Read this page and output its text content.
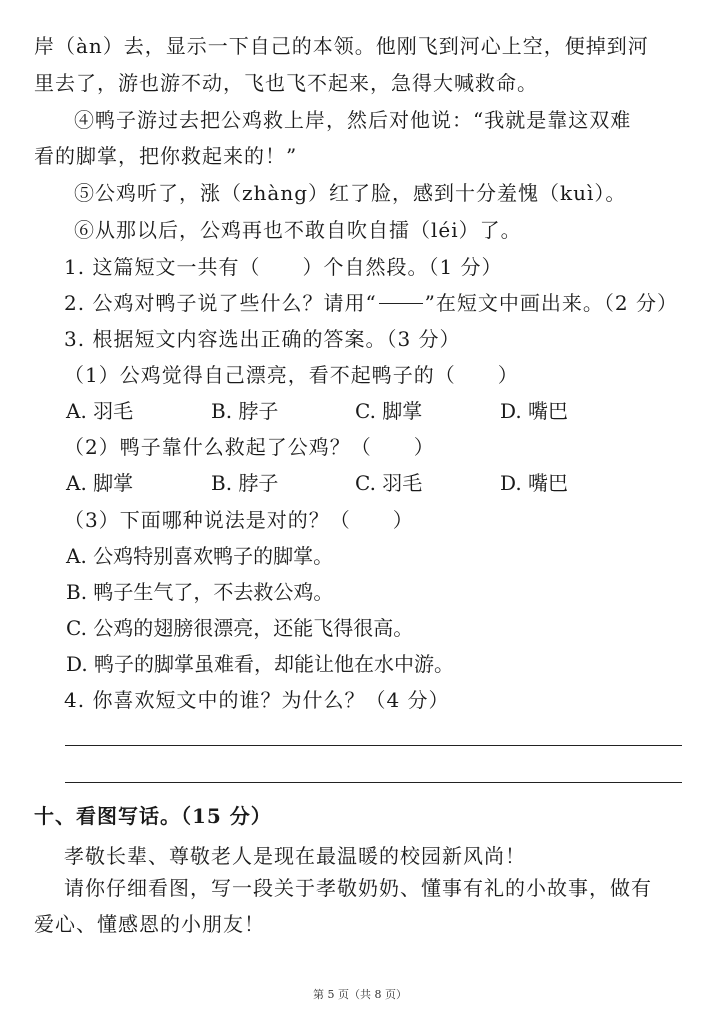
岸（àn）去，显示一下自己的本领。他刚飞到河心上空，便掉到河
里去了，游也游不动，飞也飞不起来，急得大喊救命。
④鸭子游过去把公鸡救上岸，然后对他说：“我就是靠这双难
看的脚掌，把你救起来的！”
⑤公鸡听了，涨（zhàng）红了脸，感到十分羞愧（kuì）。
⑥从那以后，公鸡再也不敢自吹自擂（léi）了。
1. 这篇短文一共有（　　）个自然段。（1 分）
2. 公鸡对鸭子说了些什么？请用“ ”在短文中画出来。（2 分）
3. 根据短文内容选出正确的答案。（3 分）
（1）公鸡觉得自己漂亮，看不起鸭子的（　　）
A. 羽毛	B. 脖子	C. 脚掌	D. 嘴巴
（2）鸭子靠什么救起了公鸡？（　　）
A. 脚掌	B. 脖子	C. 羽毛	D. 嘴巴
（3）下面哪种说法是对的？（　　）
A. 公鸡特别喜欢鸭子的脚掌。
B. 鸭子生气了，不去救公鸡。
C. 公鸡的翅膀很漂亮，还能飞得很高。
D. 鸭子的脚掌虽难看，却能让他在水中游。
4. 你喜欢短文中的谁？为什么？（4 分）
十、看图写话。（15 分）
孝敬长辈、尊敬老人是现在最温暖的校园新风尚！
请你仔细看图，写一段关于孝敬奶奶、懂事有礼的小故事，做有
爱心、懂感恩的小朋友！
第 5 页（共 8 页）
